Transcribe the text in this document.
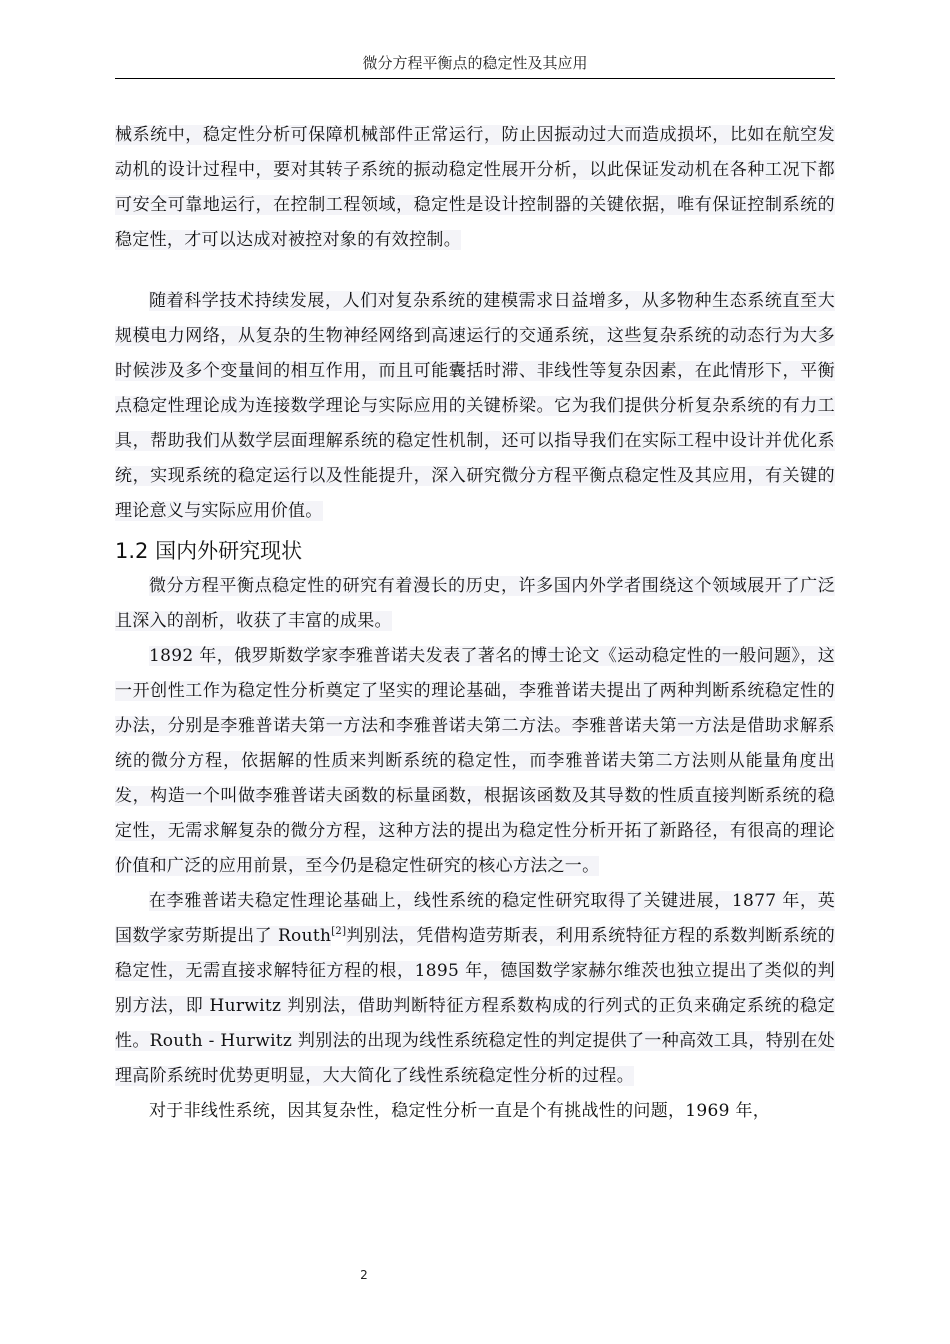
微分方程平衡点的稳定性及其应用

械系统中，稳定性分析可保障机械部件正常运行，防止因振动过大而造成损坏，比如在航空发动机的设计过程中，要对其转子系统的振动稳定性展开分析，以此保证发动机在各种工况下都可安全可靠地运行，在控制工程领域，稳定性是设计控制器的关键依据，唯有保证控制系统的稳定性，才可以达成对被控对象的有效控制。

随着科学技术持续发展，人们对复杂系统的建模需求日益增多，从多物种生态系统直至大规模电力网络，从复杂的生物神经网络到高速运行的交通系统，这些复杂系统的动态行为大多时候涉及多个变量间的相互作用，而且可能囊括时滞、非线性等复杂因素，在此情形下，平衡点稳定性理论成为连接数学理论与实际应用的关键桥梁。它为我们提供分析复杂系统的有力工具，帮助我们从数学层面理解系统的稳定性机制，还可以指导我们在实际工程中设计并优化系统，实现系统的稳定运行以及性能提升，深入研究微分方程平衡点稳定性及其应用，有关键的理论意义与实际应用价值。

1.2 国内外研究现状

微分方程平衡点稳定性的研究有着漫长的历史，许多国内外学者围绕这个领域展开了广泛且深入的剖析，收获了丰富的成果。

1892 年，俄罗斯数学家李雅普诺夫发表了著名的博士论文《运动稳定性的一般问题》，这一开创性工作为稳定性分析奠定了坚实的理论基础，李雅普诺夫提出了两种判断系统稳定性的办法，分别是李雅普诺夫第一方法和李雅普诺夫第二方法。李雅普诺夫第一方法是借助求解系统的微分方程，依据解的性质来判断系统的稳定性，而李雅普诺夫第二方法则从能量角度出发，构造一个叫做李雅普诺夫函数的标量函数，根据该函数及其导数的性质直接判断系统的稳定性，无需求解复杂的微分方程，这种方法的提出为稳定性分析开拓了新路径，有很高的理论价值和广泛的应用前景，至今仍是稳定性研究的核心方法之一。

在李雅普诺夫稳定性理论基础上，线性系统的稳定性研究取得了关键进展，1877 年，英国数学家劳斯提出了 Routh[2]判别法，凭借构造劳斯表，利用系统特征方程的系数判断系统的稳定性，无需直接求解特征方程的根，1895 年，德国数学家赫尔维茨也独立提出了类似的判别方法，即 Hurwitz 判别法，借助判断特征方程系数构成的行列式的正负来确定系统的稳定性。Routh - Hurwitz 判别法的出现为线性系统稳定性的判定提供了一种高效工具，特别在处理高阶系统时优势更明显，大大简化了线性系统稳定性分析的过程。

对于非线性系统，因其复杂性，稳定性分析一直是个有挑战性的问题，1969 年，

2
